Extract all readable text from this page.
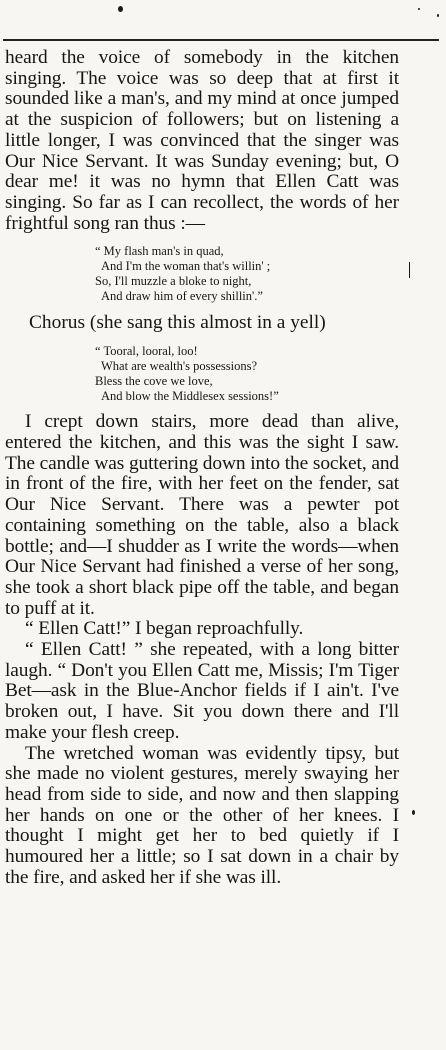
heard the voice of somebody in the kitchen singing. The voice was so deep that at first it sounded like a man's, and my mind at once jumped at the suspicion of followers; but on listening a little longer, I was convinced that the singer was Our Nice Servant. It was Sunday evening; but, O dear me! it was no hymn that Ellen Catt was singing. So far as I can recollect, the words of her frightful song ran thus :—

“ My flash man's in quad,
And I'm the woman that's willin' ;
So, I'll muzzle a bloke to night,
And draw him of every shillin'.”

Chorus (she sang this almost in a yell)

“ Tooral, looral, loo!
What are wealth's possessions?
Bless the cove we love,
And blow the Middlesex sessions!”

I crept down stairs, more dead than alive, entered the kitchen, and this was the sight I saw. The candle was guttering down into the socket, and in front of the fire, with her feet on the fender, sat Our Nice Servant. There was a pewter pot containing something on the table, also a black bottle; and—I shudder as I write the words—when Our Nice Servant had finished a verse of her song, she took a short black pipe off the table, and began to puff at it.

“ Ellen Catt!” I began reproachfully.

“ Ellen Catt! ” she repeated, with a long bitter laugh. “ Don't you Ellen Catt me, Missis; I'm Tiger Bet—ask in the Blue-Anchor fields if I ain't. I've broken out, I have. Sit you down there and I'll make your flesh creep.

The wretched woman was evidently tipsy, but she made no violent gestures, merely swaying her head from side to side, and now and then slapping her hands on one or the other of her knees. I thought I might get her to bed quietly if I humoured her a little; so I sat down in a chair by the fire, and asked her if she was ill.
